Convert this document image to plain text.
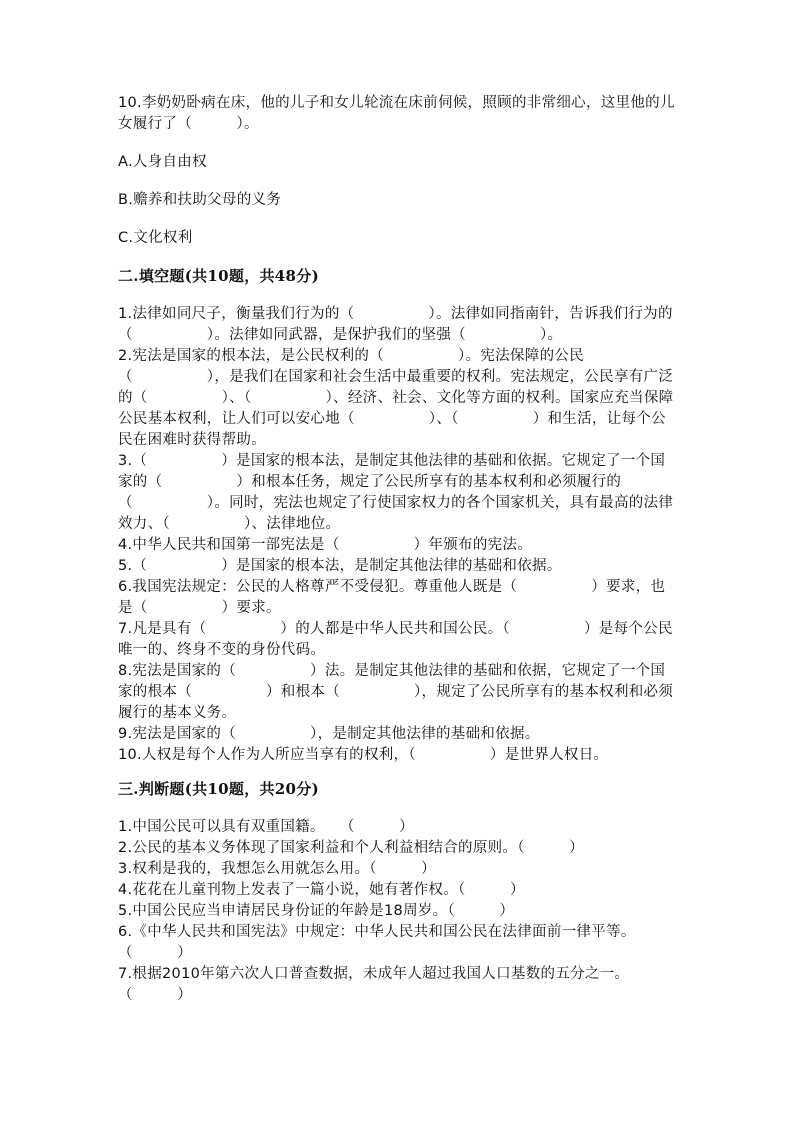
10.李奶奶卧病在床，他的儿子和女儿轮流在床前伺候，照顾的非常细心，这里他的儿女履行了（　　　）。
A.人身自由权
B.赡养和扶助父母的义务
C.文化权利
二.填空题(共10题，共48分)
1.法律如同尺子，衡量我们行为的（　　　　　）。法律如同指南针，告诉我们行为的（　　　　　）。法律如同武器，是保护我们的坚强（　　　　　）。
2.宪法是国家的根本法，是公民权利的（　　　　　）。宪法保障的公民（　　　　　），是我们在国家和社会生活中最重要的权利。宪法规定，公民享有广泛的（　　　　　）、（　　　　　）、经济、社会、文化等方面的权利。国家应充当保障公民基本权利，让人们可以安心地（　　　　　）、（　　　　　）和生活，让每个公民在困难时获得帮助。
3.（　　　　　）是国家的根本法，是制定其他法律的基础和依据。它规定了一个国家的（　　　　　）和根本任务，规定了公民所享有的基本权利和必须履行的（　　　　　）。同时，宪法也规定了行使国家权力的各个国家机关，具有最高的法律效力、（　　　　　）、法律地位。
4.中华人民共和国第一部宪法是（　　　　　）年颁布的宪法。
5.（　　　　　）是国家的根本法，是制定其他法律的基础和依据。
6.我国宪法规定：公民的人格尊严不受侵犯。尊重他人既是（　　　　　）要求，也是（　　　　　）要求。
7.凡是具有（　　　　　）的人都是中华人民共和国公民。（　　　　　）是每个公民唯一的、终身不变的身份代码。
8.宪法是国家的（　　　　　）法。是制定其他法律的基础和依据，它规定了一个国家的根本（　　　　　）和根本（　　　　　），规定了公民所享有的基本权利和必须履行的基本义务。
9.宪法是国家的（　　　　　），是制定其他法律的基础和依据。
10.人权是每个人作为人所应当享有的权利，（　　　　　）是世界人权日。
三.判断题(共10题，共20分)
1.中国公民可以具有双重国籍。　　（　　　）
2.公民的基本义务体现了国家利益和个人利益相结合的原则。（　　　）
3.权利是我的，我想怎么用就怎么用。（　　　）
4.花花在儿童刊物上发表了一篇小说，她有著作权。（　　　）
5.中国公民应当申请居民身份证的年龄是18周岁。（　　　）
6.《中华人民共和国宪法》中规定：中华人民共和国公民在法律面前一律平等。（　　　）
7.根据2010年第六次人口普查数据，未成年人超过我国人口基数的五分之一。（　　　）
